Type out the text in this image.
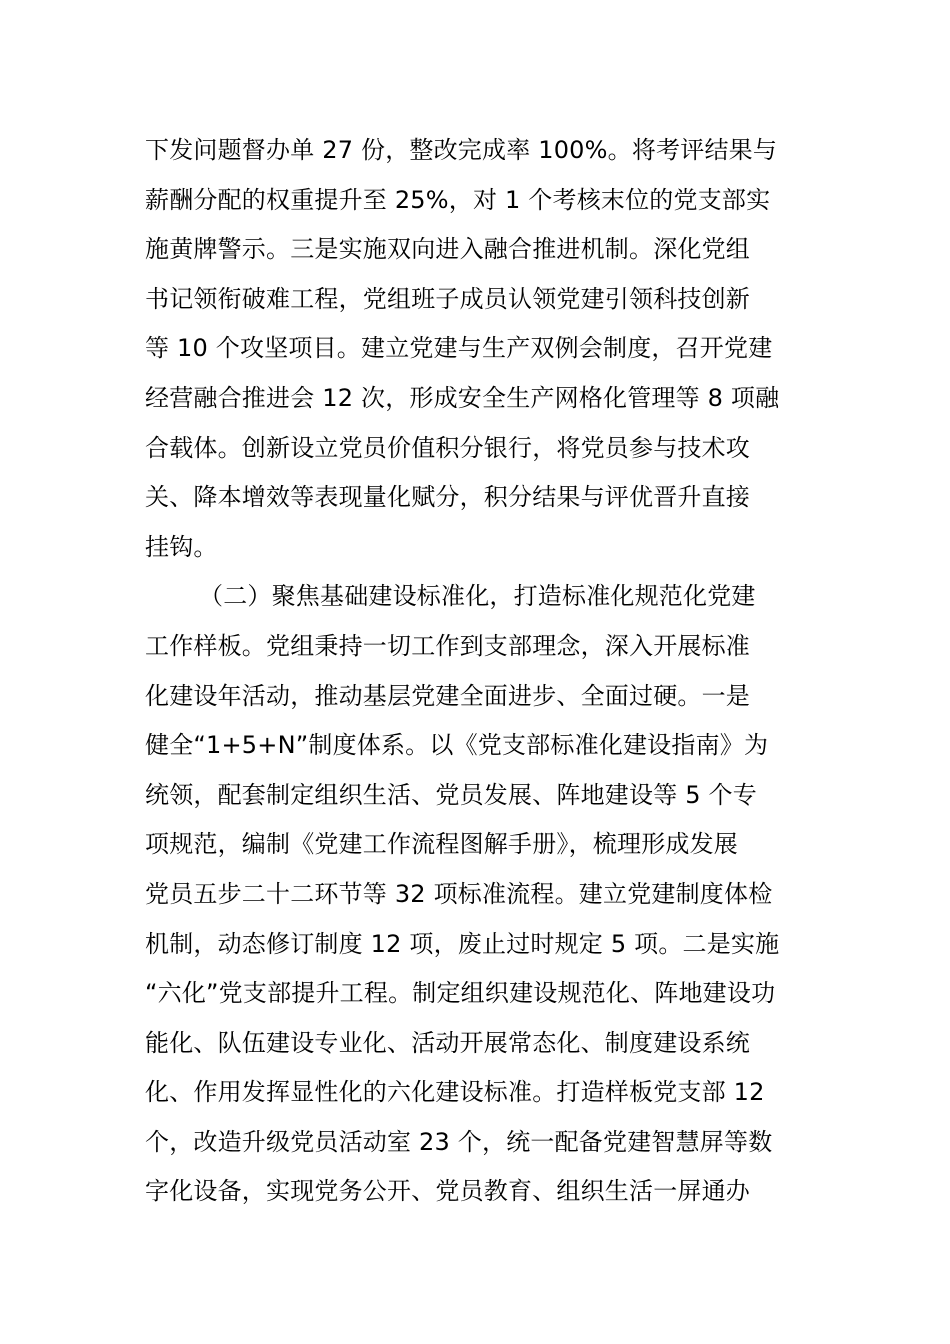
下发问题督办单 27 份，整改完成率 100%。将考评结果与
薪酬分配的权重提升至 25%，对 1 个考核末位的党支部实
施黄牌警示。三是实施双向进入融合推进机制。深化党组
书记领衔破难工程，党组班子成员认领党建引领科技创新
等 10 个攻坚项目。建立党建与生产双例会制度，召开党建
经营融合推进会 12 次，形成安全生产网格化管理等 8 项融
合载体。创新设立党员价值积分银行，将党员参与技术攻
关、降本增效等表现量化赋分，积分结果与评优晋升直接
挂钩。
（二）聚焦基础建设标准化，打造标准化规范化党建
工作样板。党组秉持一切工作到支部理念，深入开展标准
化建设年活动，推动基层党建全面进步、全面过硬。一是
健全“1+5+N”制度体系。以《党支部标准化建设指南》为
统领，配套制定组织生活、党员发展、阵地建设等 5 个专
项规范，编制《党建工作流程图解手册》，梳理形成发展
党员五步二十二环节等 32 项标准流程。建立党建制度体检
机制，动态修订制度 12 项，废止过时规定 5 项。二是实施
“六化”党支部提升工程。制定组织建设规范化、阵地建设功
能化、队伍建设专业化、活动开展常态化、制度建设系统
化、作用发挥显性化的六化建设标准。打造样板党支部 12
个，改造升级党员活动室 23 个，统一配备党建智慧屏等数
字化设备，实现党务公开、党员教育、组织生活一屏通办
